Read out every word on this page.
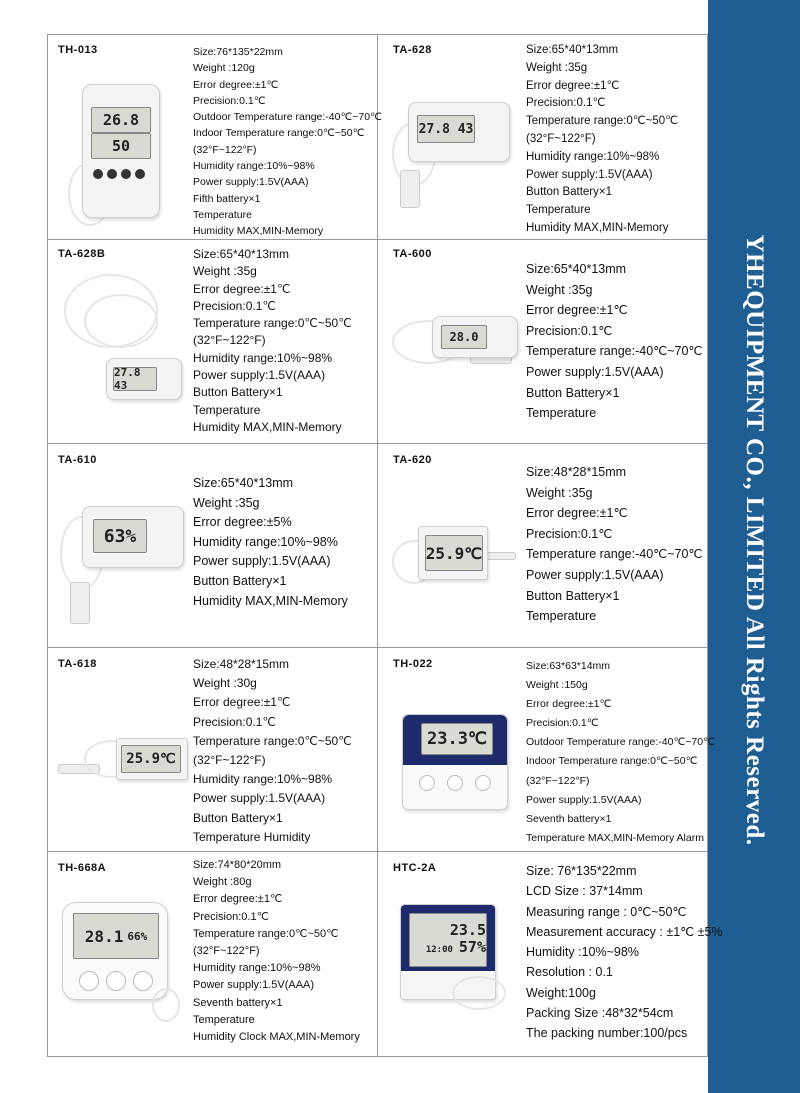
YHEQUIPMENT CO., LIMITED All Rights Reserved.
TH-013
26.8
50
Size:76*135*22mm
Weight :120g
Error degree:±1℃
Precision:0.1℃
Outdoor Temperature range:-40℃~70℃
Indoor Temperature range:0℃~50℃
(32°F~122°F)
Humidity range:10%~98%
Power supply:1.5V(AAA)
Fifth battery×1
Temperature
Humidity MAX,MIN-Memory
TA-628
27.8 43
Size:65*40*13mm
Weight :35g
Error degree:±1℃
Precision:0.1℃
Temperature range:0℃~50℃
(32°F~122°F)
Humidity range:10%~98%
Power supply:1.5V(AAA)
Button Battery×1
Temperature
Humidity MAX,MIN-Memory
TA-628B
27.8 43
Size:65*40*13mm
Weight :35g
Error degree:±1℃
Precision:0.1℃
Temperature range:0℃~50℃
(32°F~122°F)
Humidity range:10%~98%
Power supply:1.5V(AAA)
Button Battery×1
Temperature
Humidity MAX,MIN-Memory
TA-600
28.0
Size:65*40*13mm
Weight :35g
Error degree:±1℃
Precision:0.1℃
Temperature range:-40℃~70℃
Power supply:1.5V(AAA)
Button Battery×1
Temperature
TA-610
63%
Size:65*40*13mm
Weight :35g
Error degree:±5%
Humidity range:10%~98%
Power supply:1.5V(AAA)
Button Battery×1
Humidity MAX,MIN-Memory
TA-620
25.9℃
Size:48*28*15mm
Weight :35g
Error degree:±1℃
Precision:0.1℃
Temperature range:-40℃~70℃
Power supply:1.5V(AAA)
Button Battery×1
Temperature
TA-618
25.9℃
Size:48*28*15mm
Weight :30g
Error degree:±1℃
Precision:0.1℃
Temperature range:0℃~50℃
(32°F~122°F)
Humidity range:10%~98%
Power supply:1.5V(AAA)
Button Battery×1
Temperature Humidity
TH-022
23.3℃
Size:63*63*14mm
Weight :150g
Error degree:±1℃
Precision:0.1℃
Outdoor Temperature range:-40℃~70℃
Indoor Temperature range:0℃~50℃
(32°F~122°F)
Power supply:1.5V(AAA)
Seventh battery×1
Temperature MAX,MIN-Memory Alarm
TH-668A
28.1 66%
Size:74*80*20mm
Weight :80g
Error degree:±1℃
Precision:0.1℃
Temperature range:0℃~50℃
(32°F~122°F)
Humidity range:10%~98%
Power supply:1.5V(AAA)
Seventh battery×1
Temperature
Humidity Clock MAX,MIN-Memory
HTC-2A
23.5
12:00 57%
Size: 76*135*22mm
LCD Size : 37*14mm
Measuring range : 0℃~50℃
Measurement accuracy : ±1℃ ±5%
Humidity :10%~98%
Resolution : 0.1
Weight:100g
Packing Size :48*32*54cm
The packing number:100/pcs
